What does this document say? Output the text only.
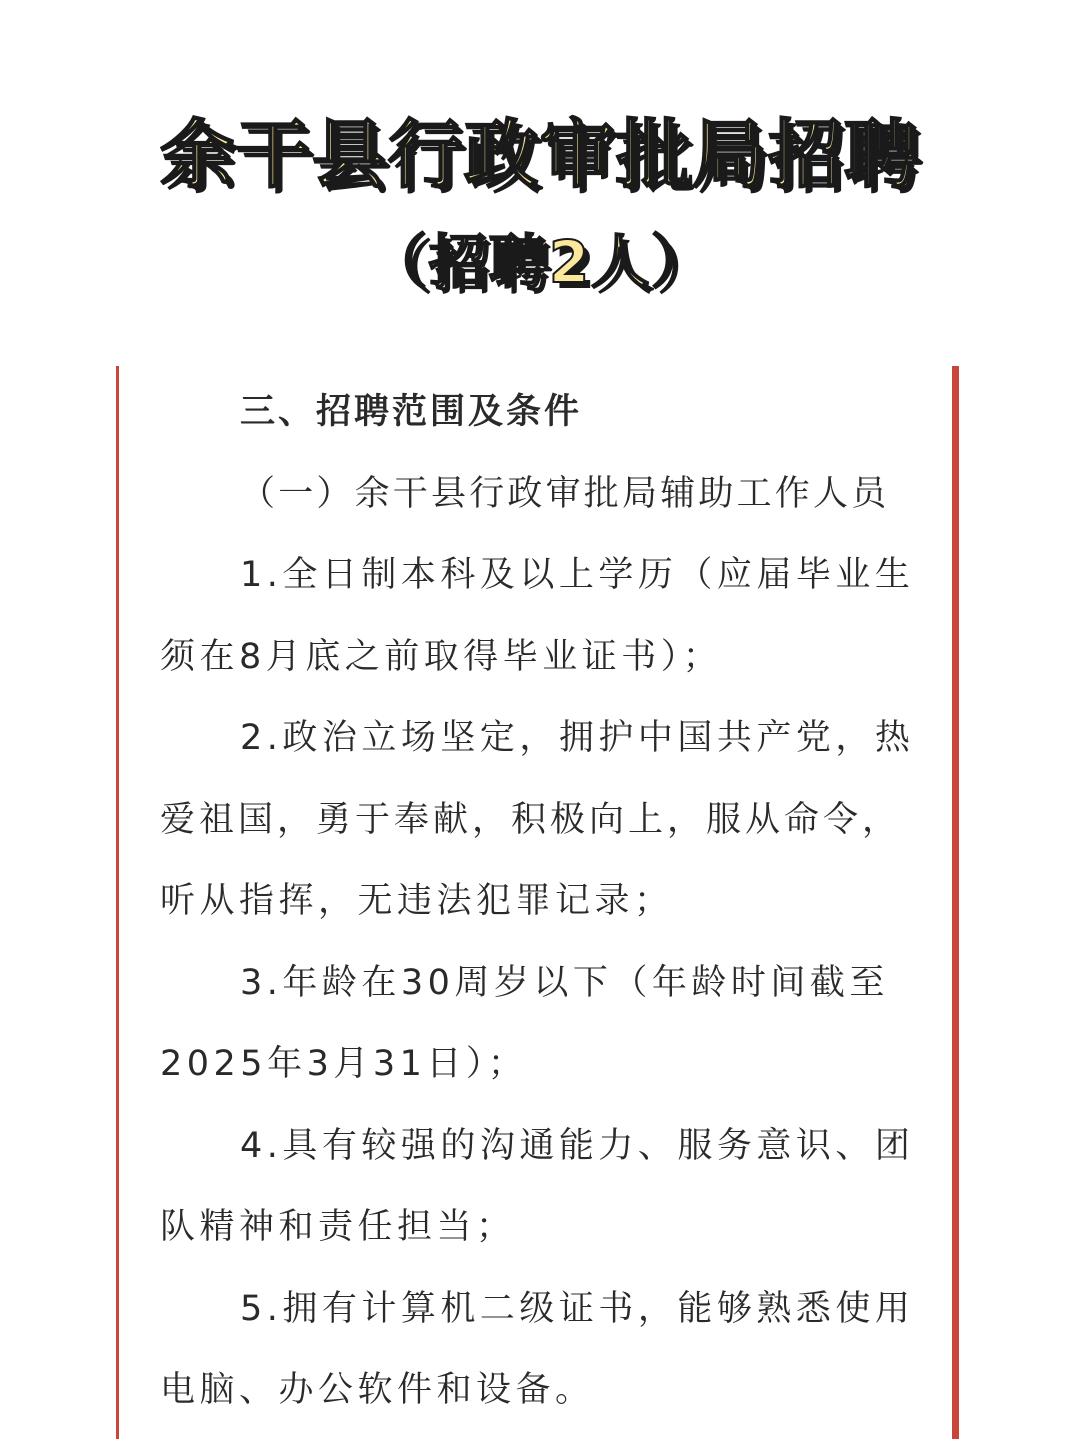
余干县行政审批局招聘
（招聘2人）
三、招聘范围及条件
（一）余干县行政审批局辅助工作人员
1.全日制本科及以上学历（应届毕业生
须在8月底之前取得毕业证书）；
2.政治立场坚定，拥护中国共产党，热
爱祖国，勇于奉献，积极向上，服从命令，
听从指挥，无违法犯罪记录；
3.年龄在30周岁以下（年龄时间截至
2025年3月31日）；
4.具有较强的沟通能力、服务意识、团
队精神和责任担当；
5.拥有计算机二级证书，能够熟悉使用
电脑、办公软件和设备。
